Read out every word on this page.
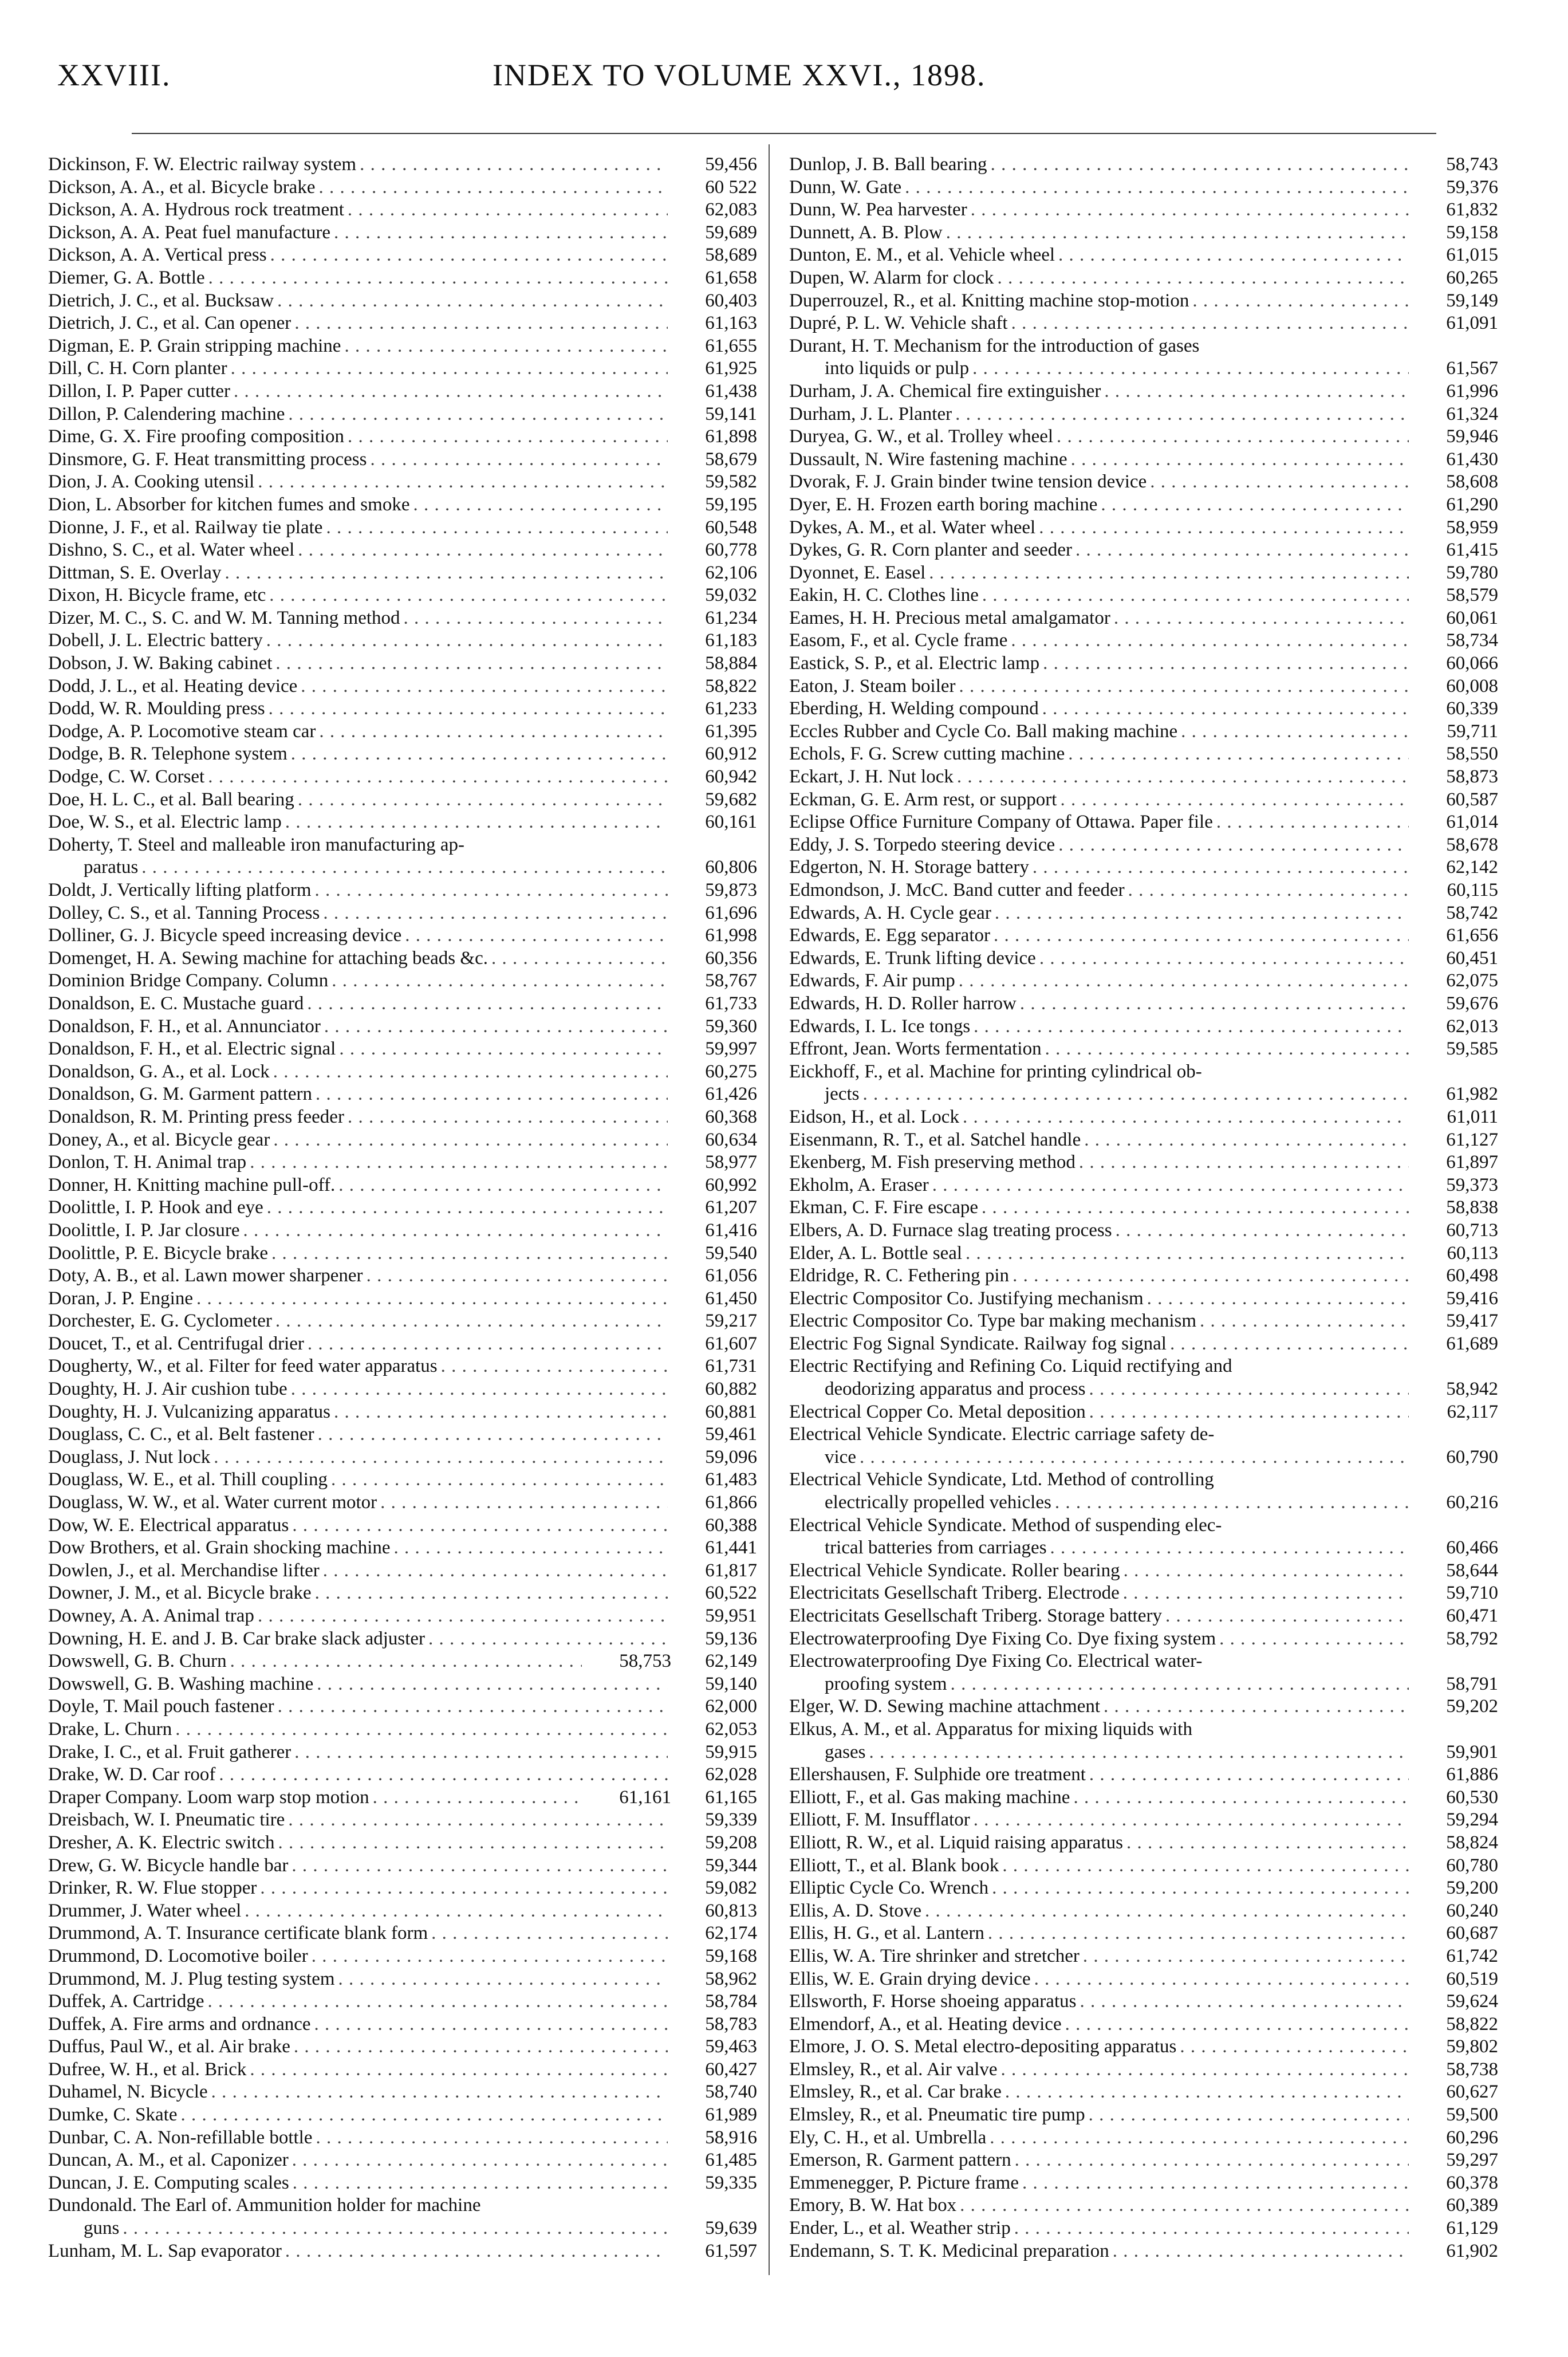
XXVIII.	INDEX TO VOLUME XXVI., 1898.
Dickinson, F. W. Electric railway system . . .	59,456
Dickson, A. A., et al. Bicycle brake . . .	60 522
Dickson, A. A. Hydrous rock treatment . . .	62,083
Dickson, A. A. Peat fuel manufacture . . .	59,689
Dickson, A. A. Vertical press . . .	58,689
Diemer, G. A. Bottle . . .	61,658
Dietrich, J. C., et al. Bucksaw . . .	60,403
Dietrich, J. C., et al. Can opener . . .	61,163
Digman, E. P. Grain stripping machine . . .	61,655
Dill, C. H. Corn planter . . .	61,925
Dillon, I. P. Paper cutter . . .	61,438
Dillon, P. Calendering machine . . .	59,141
Dime, G. X. Fire proofing composition . . .	61,898
Dinsmore, G. F. Heat transmitting process . . .	58,679
Dion, J. A. Cooking utensil . . .	59,582
Dion, L. Absorber for kitchen fumes and smoke . . .	59,195
Dionne, J. F., et al. Railway tie plate . . .	60,548
Dishno, S. C., et al. Water wheel . . .	60,778
Dittman, S. E. Overlay . . .	62,106
Dixon, H. Bicycle frame, etc . . .	59,032
Dizer, M. C., S. C. and W. M. Tanning method . . .	61,234
Dobell, J. L. Electric battery . . .	61,183
Dobson, J. W. Baking cabinet . . .	58,884
Dodd, J. L., et al. Heating device . . .	58,822
Dodd, W. R. Moulding press . . .	61,233
Dodge, A. P. Locomotive steam car . . .	61,395
Dodge, B. R. Telephone system . . .	60,912
Dodge, C. W. Corset . . .	60,942
Doe, H. L. C., et al. Ball bearing . . .	59,682
Doe, W. S., et al. Electric lamp . . .	60,161
Doherty, T. Steel and malleable iron manufacturing ap-
paratus . . .	60,806
Doldt, J. Vertically lifting platform . . .	59,873
Dolley, C. S., et al. Tanning Process . . .	61,696
Dolliner, G. J. Bicycle speed increasing device . . .	61,998
Domenget, H. A. Sewing machine for attaching beads &c. . . .	60,356
Dominion Bridge Company. Column . . .	58,767
Donaldson, E. C. Mustache guard . . .	61,733
Donaldson, F. H., et al. Annunciator . . .	59,360
Donaldson, F. H., et al. Electric signal . . .	59,997
Donaldson, G. A., et al. Lock . . .	60,275
Donaldson, G. M. Garment pattern . . .	61,426
Donaldson, R. M. Printing press feeder . . .	60,368
Doney, A., et al. Bicycle gear . . .	60,634
Donlon, T. H. Animal trap . . .	58,977
Donner, H. Knitting machine pull-off. . . .	60,992
Doolittle, I. P. Hook and eye . . .	61,207
Doolittle, I. P. Jar closure . . .	61,416
Doolittle, P. E. Bicycle brake . . .	59,540
Doty, A. B., et al. Lawn mower sharpener . . .	61,056
Doran, J. P. Engine . . .	61,450
Dorchester, E. G. Cyclometer . . .	59,217
Doucet, T., et al. Centrifugal drier . . .	61,607
Dougherty, W., et al. Filter for feed water apparatus . . .	61,731
Doughty, H. J. Air cushion tube . . .	60,882
Doughty, H. J. Vulcanizing apparatus . . .	60,881
Douglass, C. C., et al. Belt fastener . . .	59,461
Douglass, J. Nut lock . . .	59,096
Douglass, W. E., et al. Thill coupling . . .	61,483
Douglass, W. W., et al. Water current motor . . .	61,866
Dow, W. E. Electrical apparatus . . .	60,388
Dow Brothers, et al. Grain shocking machine . . .	61,441
Dowlen, J., et al. Merchandise lifter . . .	61,817
Downer, J. M., et al. Bicycle brake . . .	60,522
Downey, A. A. Animal trap . . .	59,951
Downing, H. E. and J. B. Car brake slack adjuster . . .	59,136
Dowswell, G. B. Churn . . .	58,753	62,149
Dowswell, G. B. Washing machine . . .	59,140
Doyle, T. Mail pouch fastener . . .	62,000
Drake, L. Churn . . .	62,053
Drake, I. C., et al. Fruit gatherer . . .	59,915
Drake, W. D. Car roof . . .	62,028
Draper Company. Loom warp stop motion . . .	61,161	61,165
Dreisbach, W. I. Pneumatic tire . . .	59,339
Dresher, A. K. Electric switch . . .	59,208
Drew, G. W. Bicycle handle bar . . .	59,344
Drinker, R. W. Flue stopper . . .	59,082
Drummer, J. Water wheel . . .	60,813
Drummond, A. T. Insurance certificate blank form . . .	62,174
Drummond, D. Locomotive boiler . . .	59,168
Drummond, M. J. Plug testing system . . .	58,962
Duffek, A. Cartridge . . .	58,784
Duffek, A. Fire arms and ordnance . . .	58,783
Duffus, Paul W., et al. Air brake . . .	59,463
Dufree, W. H., et al. Brick . . .	60,427
Duhamel, N. Bicycle . . .	58,740
Dumke, C. Skate . . .	61,989
Dunbar, C. A. Non-refillable bottle . . .	58,916
Duncan, A. M., et al. Caponizer . . .	61,485
Duncan, J. E. Computing scales . . .	59,335
Dundonald. The Earl of. Ammunition holder for machine
guns . . .	59,639
Lunham, M. L. Sap evaporator . . .	61,597
Dunlop, J. B. Ball bearing . . .	58,743
Dunn, W. Gate . . .	59,376
Dunn, W. Pea harvester . . .	61,832
Dunnett, A. B. Plow . . .	59,158
Dunton, E. M., et al. Vehicle wheel . . .	61,015
Dupen, W. Alarm for clock . . .	60,265
Duperrouzel, R., et al. Knitting machine stop-motion . . .	59,149
Dupré, P. L. W. Vehicle shaft . . .	61,091
Durant, H. T. Mechanism for the introduction of gases
into liquids or pulp . . .	61,567
Durham, J. A. Chemical fire extinguisher . . .	61,996
Durham, J. L. Planter . . .	61,324
Duryea, G. W., et al. Trolley wheel . . .	59,946
Dussault, N. Wire fastening machine . . .	61,430
Dvorak, F. J. Grain binder twine tension device . . .	58,608
Dyer, E. H. Frozen earth boring machine . . .	61,290
Dykes, A. M., et al. Water wheel . . .	58,959
Dykes, G. R. Corn planter and seeder . . .	61,415
Dyonnet, E. Easel . . .	59,780
Eakin, H. C. Clothes line . . .	58,579
Eames, H. H. Precious metal amalgamator . . .	60,061
Easom, F., et al. Cycle frame . . .	58,734
Eastick, S. P., et al. Electric lamp . . .	60,066
Eaton, J. Steam boiler . . .	60,008
Eberding, H. Welding compound . . .	60,339
Eccles Rubber and Cycle Co. Ball making machine . . .	59,711
Echols, F. G. Screw cutting machine . . .	58,550
Eckart, J. H. Nut lock . . .	58,873
Eckman, G. E. Arm rest, or support . . .	60,587
Eclipse Office Furniture Company of Ottawa. Paper file . . .	61,014
Eddy, J. S. Torpedo steering device . . .	58,678
Edgerton, N. H. Storage battery . . .	62,142
Edmondson, J. McC. Band cutter and feeder . . .	60,115
Edwards, A. H. Cycle gear . . .	58,742
Edwards, E. Egg separator . . .	61,656
Edwards, E. Trunk lifting device . . .	60,451
Edwards, F. Air pump . . .	62,075
Edwards, H. D. Roller harrow . . .	59,676
Edwards, I. L. Ice tongs . . .	62,013
Effront, Jean. Worts fermentation . . .	59,585
Eickhoff, F., et al. Machine for printing cylindrical ob-
jects . . .	61,982
Eidson, H., et al. Lock . . .	61,011
Eisenmann, R. T., et al. Satchel handle . . .	61,127
Ekenberg, M. Fish preserving method . . .	61,897
Ekholm, A. Eraser . . .	59,373
Ekman, C. F. Fire escape . . .	58,838
Elbers, A. D. Furnace slag treating process . . .	60,713
Elder, A. L. Bottle seal . . .	60,113
Eldridge, R. C. Fethering pin . . .	60,498
Electric Compositor Co. Justifying mechanism . . .	59,416
Electric Compositor Co. Type bar making mechanism . . .	59,417
Electric Fog Signal Syndicate. Railway fog signal . . .	61,689
Electric Rectifying and Refining Co. Liquid rectifying and
deodorizing apparatus and process . . .	58,942
Electrical Copper Co. Metal deposition . . .	62,117
Electrical Vehicle Syndicate. Electric carriage safety de-
vice . . .	60,790
Electrical Vehicle Syndicate, Ltd. Method of controlling
electrically propelled vehicles . . .	60,216
Electrical Vehicle Syndicate. Method of suspending elec-
trical batteries from carriages . . .	60,466
Electrical Vehicle Syndicate. Roller bearing . . .	58,644
Electricitats Gesellschaft Triberg. Electrode . . .	59,710
Electricitats Gesellschaft Triberg. Storage battery . . .	60,471
Electrowaterproofing Dye Fixing Co. Dye fixing system . . .	58,792
Electrowaterproofing Dye Fixing Co. Electrical water-
proofing system . . .	58,791
Elger, W. D. Sewing machine attachment . . .	59,202
Elkus, A. M., et al. Apparatus for mixing liquids with
gases . . .	59,901
Ellershausen, F. Sulphide ore treatment . . .	61,886
Elliott, F., et al. Gas making machine . . .	60,530
Elliott, F. M. Insufflator . . .	59,294
Elliott, R. W., et al. Liquid raising apparatus . . .	58,824
Elliott, T., et al. Blank book . . .	60,780
Elliptic Cycle Co. Wrench . . .	59,200
Ellis, A. D. Stove . . .	60,240
Ellis, H. G., et al. Lantern . . .	60,687
Ellis, W. A. Tire shrinker and stretcher . . .	61,742
Ellis, W. E. Grain drying device . . .	60,519
Ellsworth, F. Horse shoeing apparatus . . .	59,624
Elmendorf, A., et al. Heating device . . .	58,822
Elmore, J. O. S. Metal electro-depositing apparatus . . .	59,802
Elmsley, R., et al. Air valve . . .	58,738
Elmsley, R., et al. Car brake . . .	60,627
Elmsley, R., et al. Pneumatic tire pump . . .	59,500
Ely, C. H., et al. Umbrella . . .	60,296
Emerson, R. Garment pattern . . .	59,297
Emmenegger, P. Picture frame . . .	60,378
Emory, B. W. Hat box . . .	60,389
Ender, L., et al. Weather strip . . .	61,129
Endemann, S. T. K. Medicinal preparation . . .	61,902
